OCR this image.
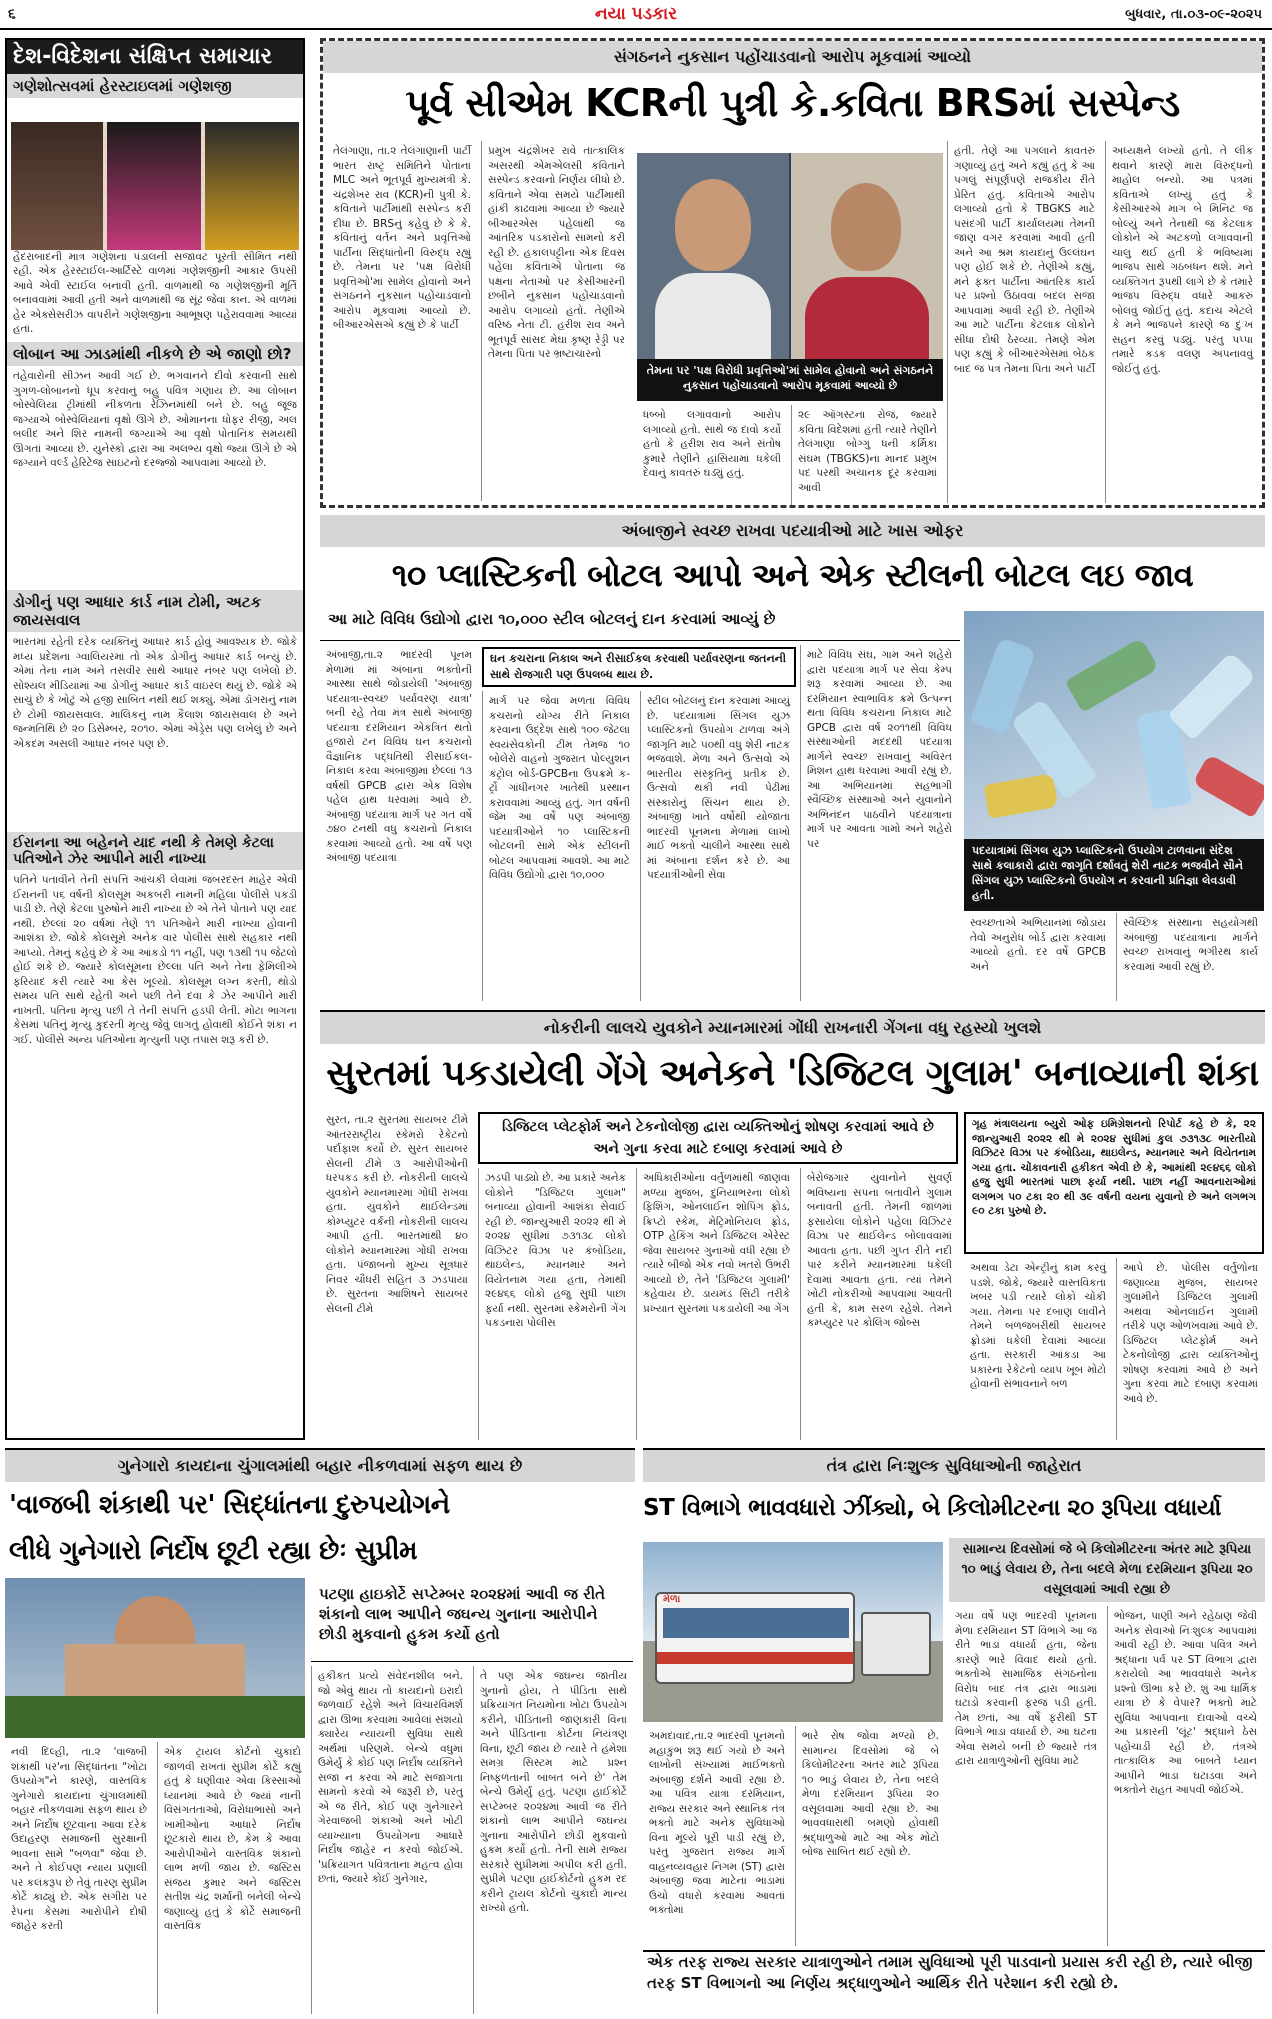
૬	નયા પડકાર	બુધવાર, તા.૦૩-૦૯-૨૦૨૫
દેશ-વિદેશના સંક્ષિપ્ત સમાચાર
ગણેશોત્સવમાં હેરસ્ટાઇલમાં ગણેશજી
હૈદરાબાદની માત્ર ગણેશના પંડાલની સજાવટ પૂરતી સીમિત નથી રહી. એક હેરસ્ટાઈલ-આર્ટિસ્ટે વાળમાં ગણેશજીની આકાર ઉપસી આવે એવી સ્ટાઈલ બનાવી હતી. વાળમાંથી જ ગણેશજીની મૂર્તિ બનાવવામાં આવી હતી અને વાળમાંથી જ સૂંઢ જેવા કાન. એ વાળમાં હેર એક્સેસરીઝ વાપરીને ગણેશજીના આભૂષણ પહેરાવવામાં આવ્યાં હતાં.
લોબાન આ ઝાડમાંથી નીકળે છે એ જાણો છો?
તહેવારોની સીઝન આવી ગઈ છે. ભગવાનને દીવો કરવાની સાથે ગુગળ-લોબાનનો ધૂપ કરવાનું બહુ પવિત્ર ગણાય છે. આ લોબાન બોસ્વેલિયા ટ્રીમાંથી નીકળતા રેઝિનમાંથી બને છે. બહુ જૂજ જગ્યાએ બોસ્વેલિયાનાં વૃક્ષો ઊગે છે. ઓમાનના ધોફર રીજી, અલ બલીદ અને શિર નામની જગ્યાએ આ વૃક્ષો પોતાનિક સમયથી ઊગતાં આવ્યાં છે. યુનેસ્કો દ્વારા આ અલભ્ય વૃક્ષો જ્યાં ઊગે છે એ જગ્યાને વર્લ્ડ હેરિટેજ સાઇટનો દરજ્જો આપવામાં આવ્યો છે.
ડોગીનું પણ આધાર કાર્ડ નામ ટોમી, અટક જાયસવાલ
ભારતમાં રહેતી દરેક વ્યક્તિનું આધાર કાર્ડ હોવું આવશ્યક છે. જોકે મધ્ય પ્રદેશના ગ્વાલિયરમાં તો એક ડોગીનું આધાર કાર્ડ બન્યું છે. એમાં તેના નામ અને તસવીર સાથે આધાર નંબર પણ લખેલો છે. સોશ્યલ મીડિયામાં આ ડોગીનું આધાર કાર્ડ વાઇરલ થયું છે. જોકે એ સાચું છે કે ખોટું એ હજી સાબિત નથી થઈ શક્યું. એમાં ડૉગરાનું નામ છે ટોમી જાયસવાલ. માલિકનું નામ કૈલાશ જાયસવાલ છે અને જન્મતિથિ છે ૨૦ ડિસેમ્બર, ૨૦૧૦. એમાં એડ્રેસ પણ લખેલું છે અને એકદમ અસલી આધાર નંબર પણ છે.
ઈરાનના આ બહેનને યાદ નથી કે તેમણે કેટલા પતિઓને ઝેર આપીને મારી નાખ્યા
પતિને પતાવીને તેની સંપત્તિ આંચકી લેવામાં જબરદસ્ત માહેર એવી ઈરાનની ૫૬ વર્ષની કોલસૂમ અકબરી નામની મહિલા પોલીસે પકડી પાડી છે. તેણે કેટલા પુરુષોને મારી નાખ્યા છે એ તેને પોતાને પણ યાદ નથી. છેલ્લાં ૨૦ વર્ષમાં તેણે ૧૧ પતિઓને મારી નાખ્યા હોવાની આશંકા છે. જોકે કોલસૂમે અનેક વાર પોલીસ સાથે સહકાર નથી આપ્યો. તેમનું કહેવું છે કે આ આંકડો ૧૧ નહીં, પણ ૧૩થી ૧૫ જેટલો હોઈ શકે છે. જ્યારે કોલસૂમના છેલ્લા પતિ અને તેના ફેમિલીએ ફરિયાદ કરી ત્યારે આ કેસ ખૂલ્યો. કોલસૂમ લગ્ન કરતી, થોડો સમય પતિ સાથે રહેતી અને પછી તેને દવા કે ઝેર આપીને મારી નાખતી. પતિના મૃત્યુ પછી તે તેની સંપત્તિ હડપી લેતી. મોટા ભાગના કેસમાં પતિનું મૃત્યુ કુદરતી મૃત્યુ જેવું લાગતું હોવાથી કોઈને શંકા ન ગઈ. પોલીસે અન્ય પતિઓના મૃત્યુની પણ તપાસ શરૂ કરી છે.
સંગઠનને નુકસાન પહોંચાડવાનો આરોપ મૂકવામાં આવ્યો
પૂર્વ સીએમ KCRની પુત્રી કે.કવિતા BRSમાં સસ્પેન્ડ
તેલંગાણા, તા.૨ તેલંગાણાની પાર્ટી ભારત રાષ્ટ્ર સમિતિને પોતાના MLC અને ભૂતપૂર્વ મુખ્યમંત્રી કે. ચંદ્રશેખર રાવ (KCR)ની પુત્રી કે. કવિતાને પાર્ટીમાંથી સસ્પેન્ડ કરી દીધા છે. BRSનું કહેવું છે કે કે. કવિતાનું વર્તન અને પ્રવૃત્તિઓ પાર્ટીના સિદ્ધાંતોની વિરુદ્ધ રહ્યું છે. તેમના પર 'પક્ષ વિરોધી પ્રવૃત્તિઓ'માં સામેલ હોવાનો અને સંગઠનને નુકસાન પહોંચાડવાનો આરોપ મૂકવામાં આવ્યો છે. બીઆરએસએ કહ્યું છે કે પાર્ટી
પ્રમુખ ચંદ્રશેખર રાવે તાત્કાલિક અસરથી એમએલસી કવિતાને સસ્પેન્ડ કરવાનો નિર્ણય લીધો છે. કવિતાને એવા સમયે પાર્ટીમાંથી હાંકી કાઢવામાં આવ્યા છે જ્યારે બીઆરએસ પહેલાંથી જ આંતરિક પડકારોનો સામનો કરી રહી છે. હકાલપટ્ટીના એક દિવસ પહેલા કવિતાએ પોતાના જ પક્ષના નેતાઓ પર કેસીઆરની છબીને નુકસાન પહોંચાડવાનો આરોપ લગાવ્યો હતો. તેણીએ વરિષ્ઠ નેતા ટી. હરીશ રાવ અને ભૂતપૂર્વ સાંસદ મેઘા કૃષ્ણ રેડ્ડી પર તેમના પિતા પર ભ્રષ્ટાચારનો
તેમના પર 'પક્ષ વિરોધી પ્રવૃત્તિઓ'માં સામેલ હોવાનો અને સંગઠનને નુકસાન પહોંચાડવાનો આરોપ મૂકવામાં આવ્યો છે
ધબ્બો લગાવવાનો આરોપ લગાવ્યો હતો. સાથે જ દાવો કર્યો હતો કે હરીશ રાવ અને સંતોષ કુમારે તેણીને હાંસિયામાં ધકેલી દેવાનું કાવતરું ઘડ્યું હતું.
૨૯ ઑગસ્ટના રોજ, જ્યારે કવિતા વિદેશમાં હતી ત્યારે તેણીને તેલંગાણા બોગ્ગુ ધની કર્મિકા સંઘમ (TBGKS)ના માનદ પ્રમુખ પદ પરથી અચાનક દૂર કરવામાં આવી
હતી. તેણે આ પગલાને કાવતરું ગણાવ્યું હતું અને કહ્યું હતું કે આ પગલું સંપૂર્ણપણે રાજકીય રીતે પ્રેરિત હતું. કવિતાએ આરોપ લગાવ્યો હતો કે TBGKS માટે પસંદગી પાર્ટી કાર્યાલયમાં તેમની જાણ વગર કરવામાં આવી હતી અને આ શ્રમ કાયદાનું ઉલ્લંઘન પણ હોઈ શકે છે. તેણીએ કહ્યું, મને ફક્ત પાર્ટીના આંતરિક કાર્ય પર પ્રશ્નો ઉઠાવવા બદલ સજા આપવામાં આવી રહી છે. તેણીએ આ માટે પાર્ટીના કેટલાક લોકોને સીધા દોષી ઠેરવ્યા. તેમણે એમ પણ કહ્યું કે બીઆરએસમાં બેઠક બાદ જ પત્ર તેમના પિતા અને પાર્ટી
અધ્યક્ષને લખ્યો હતો. તે લીક થવાને કારણે મારા વિરુદ્ધનો માહોલ બન્યો. આ પત્રમાં કવિતાએ લખ્યું હતું કે કેસીઆરએ માગ બે મિનિટ જ બોલ્યું અને તેનાથી જ કેટલાક લોકોને એ અટકળો લગાવવાની ચાલુ થઈ હતી કે ભવિષ્યમાં ભાજપ સાથે ગઠબંધન થશે. મને વ્યક્તિગત રૂપથી લાગે છે કે તમારે ભાજપ વિરુદ્ધ વધારે આકરું બોલવું જોઈતું હતું. કદાચ એટલે કે મને ભાજપને કારણે જ દુઃખ સહન કરવું પડ્યું. પરંતુ પપ્પા તમારે કડક વલણ અપનાવવું જોઈતું હતું.
અંબાજીને સ્વચ્છ રાખવા પદયાત્રીઓ માટે ખાસ ઓફર
૧૦ પ્લાસ્ટિકની બોટલ આપો અને એક સ્ટીલની બોટલ લઇ જાવ
આ માટે વિવિધ ઉદ્યોગો દ્વારા ૧૦,૦૦૦ સ્ટીલ બોટલનું દાન કરવામાં આવ્યું છે
અંબાજી,તા.૨ ભાદરવી પૂનમ મેળામાં માં અંબાના ભક્તોની આસ્થા સાથે જોડાયેલી 'અંબાજી પદયાત્રા-સ્વચ્છ પર્યાવરણ યાત્રા' બની રહે તેવા મંત્ર સાથે અંબાજી પદયાત્રા દરમિયાન એકત્રિત થતો હજારો ટન વિવિધ ઘન કચરાનો વૈજ્ઞાનિક પદ્ધતિથી રીસાઈકલ-નિકાલ કરવા અંબાજીમાં છેલ્લાં ૧૩ વર્ષથી GPCB દ્વારા એક વિશેષ પહેલ હાથ ધરવામાં આવે છે. અંબાજી પદયાત્રા માર્ગ પર ગત વર્ષે ૭૪૦ ટનથી વધુ કચરાનો નિકાલ કરવામાં આવ્યો હતો. આ વર્ષે પણ અંબાજી પદયાત્રા
ઘન કચરાના નિકાલ અને રીસાઈકલ કરવાથી પર્યાવરણના જતનની સાથે રોજગારી પણ ઉપલબ્ધ થાય છે.
માર્ગ પર જેવા મળતા વિવિધ કચરાનો યોગ્ય રીતે નિકાલ કરવાના ઉદ્દેશ સાથે ૧૦૦ જેટલા સ્વયંસેવકોની ટીમ તેમજ ૧૦ બોલેરો વાહનો ગુજરાત પોલ્યુશન કંટ્રોલ બોર્ડ-GPCBના ઉપક્રમે ક-ર્ટ્રો ગાંધીનગર ખાતેથી પ્રસ્થાન કરાવવામાં આવ્યું હતું. ગત વર્ષની જેમ આ વર્ષે પણ અંબાજી પદયાત્રીઓને ૧૦ પ્લાસ્ટિકની બોટલની સામે એક સ્ટીલની બોટલ આપવામાં આવશે. આ માટે વિવિધ ઉદ્યોગો દ્વારા ૧૦,૦૦૦
સ્ટીલ બોટલનું દાન કરવામાં આવ્યું છે. પદયાત્રામાં સિંગલ યુઝ પ્લાસ્ટિકનો ઉપયોગ ટાળવા અંગે જાગૃતિ માટે ૫૦થી વધુ શેરી નાટક ભજવાશે. મેળા અને ઉત્સવો એ ભારતીય સંસ્કૃતિનું પ્રતીક છે. ઉત્સવો થકી નવી પેઢીમાં સંસ્કારોનું સિંચન થાય છે. અંબાજી ખાતે વર્ષોથી યોજાતા ભાદરવી પૂનમના મેળામાં લાખો માઈ ભક્તો ચાલીને આસ્થા સાથે માં અંબાના દર્શન કરે છે. આ પદયાત્રીઓની સેવા
માટે વિવિધ સંઘ, ગામ અને શહેરો દ્વારા પદયાત્રા માર્ગ પર સેવા કેમ્પ શરૂ કરવામાં આવ્યા છે. આ દરમિયાન સ્વાભાવિક ક્રમે ઉત્પન્ન થતા વિવિધ કચરાના નિકાલ માટે GPCB દ્વારા વર્ષ ૨૦૧૧થી વિવિધ સંસ્થાઓની મદદથી પદયાત્રા માર્ગને સ્વચ્છ રાખવાનું અવિરત મિશન હાથ ધરવામાં આવી રહ્યું છે. આ અભિયાનમાં સહભાગી સ્વૈચ્છિક સંસ્થાઓ અને યુવાનોને અભિનંદન પાઠવીને પદયાત્રાના માર્ગ પર આવતા ગામો અને શહેરો પર
પદયાત્રામાં સિંગલ યુઝ પ્લાસ્ટિકનો ઉપયોગ ટાળવાના સંદેશ સાથે કલાકારો દ્વારા જાગૃતિ દર્શાવતું શેરી નાટક ભજવીને સૌને સિંગલ યુઝ પ્લાસ્ટિકનો ઉપયોગ ન કરવાની પ્રતિજ્ઞા લેવડાવી હતી.
સ્વચ્છતાએ અભિયાનમાં જોડાય તેવો અનુરોધ બોર્ડ દ્વારા કરવામાં આવ્યો હતો. દર વર્ષે GPCB અને
સ્વૈચ્છિક સંસ્થાના સહયોગથી અંબાજી પદયાત્રાના માર્ગને સ્વચ્છ રાખવાનું ભગીરથ કાર્ય કરવામાં આવી રહ્યું છે.
નોકરીની લાલચે યુવકોને મ્યાનમારમાં ગોંધી રાખનારી ગેંગના વધુ રહસ્યો ખુલશે
સુરતમાં પકડાયેલી ગેંગે અનેકને 'ડિજિટલ ગુલામ' બનાવ્યાની શંકા
સુરત, તા.૨ સુરતમાં સાયબર ટીમે આંતરરાષ્ટ્રીય સ્કેમરો રેકેટનો પર્દાફાશ કર્યો છે. સુરત સાયબર સેલની ટીમે ૩ આરોપીઓની ધરપકડ કરી છે. નોકરીની લાલચે યુવકોને મ્યાનમારમાં ગોંધી રાખવા હતા. યુવકોને થાઈલેન્ડમાં કોમ્પ્યુટર વર્કની નોકરીની લાલચ આપી હતી. ભારતમાંથી ૪૦ લોકોને મ્યાનમારમાં ગોંધી રાખવા હતા. પંજાબનો મુખ્ય સૂત્રધાર નિવર ચૌધરી સહિત ૩ ઝડપાયા છે. સુરતના આશિષને સાયબર સેલની ટીમે
ડિજિટલ પ્લેટફોર્મ અને ટેકનોલોજી દ્વારા વ્યક્તિઓનું શોષણ કરવામાં આવે છે અને ગુના કરવા માટે દબાણ કરવામાં આવે છે
ઝડપી પાડ્યો છે. આ પ્રકારે અનેક લોકોને "ડિજિટલ ગુલામ" બનાવ્યા હોવાની આશંકા સેવાઈ રહી છે. જાન્યુઆરી ૨૦૨૨ થી મે ૨૦૨૪ સુધીમાં ૭૩૧૩૮ લોકો વિઝિટર વિઝા પર કંબોડિયા, થાઇલેન્ડ, મ્યાનમાર અને વિયેતનામ ગયા હતા, તેમાંથી ૨૯૪૬૬ લોકો હજુ સુધી પાછા ફર્યા નથી. સુરતમાં સ્કેમરોની ગેંગ પકડનારા પોલીસ
અધિકારીઓના વર્તુળમાંથી જાણવા મળ્યા મુજબ, દુનિયાભરના લોકો ફિશિંગ, ઓનલાઈન શોપિંગ ફ્રોડ, ક્રિપ્ટો સ્કેમ, મેટ્રિમોનિયલ ફ્રોડ, OTP હેકિંગ અને ડિજિટલ એરેસ્ટ જેવા સાયબર ગુનાઓ વધી રહ્યા છે ત્યારે બીજો એક નવો ખતરો ઉભરી આવ્યો છે, તેને 'ડિજિટલ ગુલામી' કહેવાય છે. ડાયમંડ સિટી તરીકે પ્રખ્યાત સુરતમાં પકડાયેલી આ ગેંગ
બેરોજગાર યુવાનોને સુવર્ણ ભવિષ્યના સપના બતાવીને ગુલામ બનાવતી હતી. તેમની જાળમાં ફસાયેલા લોકોને પહેલા વિઝિટર વિઝા પર થાઈલેન્ડ બોલાવવામાં આવતા હતા. પછી ગુપ્ત રીતે નદી પાર કરીને મ્યાનમારમાં ધકેલી દેવામાં આવતા હતા. ત્યાં તેમને ખોટી નોકરીઓ આપવામાં આવતી હતી કે, કામ સરળ રહેશે. તેમને કમ્પ્યુટર પર કોલિંગ જોબ્સ
ગૃહ મંત્રાલયના બ્યુરો ઓફ ઇમિગ્રેશનનો રિપોર્ટ કહે છે કે, ૨૨ જાન્યુઆરી ૨૦૨૨ થી મે ૨૦૨૪ સુધીમાં કુલ ૭૩૧૩૮ ભારતીયો વિઝિટર વિઝા પર કંબોડિયા, થાઇલેન્ડ, મ્યાનમાર અને વિયેતનામ ગયા હતા. ચોંકાવનારી હકીકત એવી છે કે, આમાંથી ૨૯૪૬૬ લોકો હજુ સુધી ભારતમાં પાછા ફર્યા નથી. પાછા નહીં આવનારાઓમાં લગભગ ૫૦ ટકા ૨૦ થી ૩૯ વર્ષની વયના યુવાનો છે અને લગભગ ૯૦ ટકા પુરુષો છે.
અથવા ડેટા એન્ટ્રીનું કામ કરવું પડશે. જોકે, જ્યારે વાસ્તવિકતા ખબર પડી ત્યારે લોકો ચોંકી ગયા. તેમના પર દબાણ લાવીને તેમને બળજબરીથી સાયબર ફ્રોડમાં ધકેલી દેવામાં આવ્યા હતા. સરકારી આંકડા આ પ્રકારના રેકેટનો વ્યાપ ખૂબ મોટો હોવાની સંભાવનાને બળ
આપે છે. પોલીસ વર્તુળોના જણાવ્યા મુજબ, સાયબર ગુલામીને ડિજિટલ ગુલામી અથવા ઓનલાઈન ગુલામી તરીકે પણ ઓળખવામાં આવે છે. ડિજિટલ પ્લેટફોર્મ અને ટેકનોલોજી દ્વારા વ્યક્તિઓનું શોષણ કરવામાં આવે છે અને ગુના કરવા માટે દબાણ કરવામાં આવે છે.
ગુનેગારો કાયદાના ચુંગાલમાંથી બહાર નીકળવામાં સફળ થાય છે
'વાજબી શંકાથી પર' સિદ્ધાંતના દુરુપયોગને
લીધે ગુનેગારો નિર્દોષ છૂટી રહ્યા છેઃ સુપ્રીમ
પટણા હાઇકોર્ટે સપ્ટેમ્બર ૨૦૨૪માં આવી જ રીતે શંકાનો લાભ આપીને જઘન્ય ગુનાના આરોપીને છોડી મુકવાનો હુકમ કર્યો હતો
નવી દિલ્હી, તા.૨ 'વાજબી શંકાથી પર'ના સિદ્ધાંતના "ખોટા ઉપયોગ"ને કારણે, વાસ્તવિક ગુનેગારો કાયદાના ચુંગાલમાંથી બહાર નીકળવામાં સફળ થાય છે અને નિર્દોષ છૂટવાના આવા દરેક ઉદાહરણ સમાજની સુરક્ષાની ભાવના સામે "બળવા" જેવા છે. અને તે કોઈપણ ન્યાય પ્રણાલી પર કલંકરૂપ છે તેવું તારણ સુપ્રીમ કોર્ટે કાઢ્યું છે. એક સગીરા પર રેપના કેસમાં આરોપીને દોષી જાહેર કરતી
એક ટ્રાયલ કોર્ટનો ચુકાદો જાળવી રાખતાં સુપ્રીમ કોર્ટે કહ્યું હતું કે ધણીવાર એવા કિસ્સાઓ ધ્યાનમાં આવે છે જ્યાં નાની વિસંગતતાઓ, વિરોધાભાસો અને ખામીઓના આધારે નિર્દોષ છૂટકારો થાય છે, કેમ કે આવા આરોપીઓને વાસ્તવિક શંકાનો લાભ મળી જાય છે. જસ્ટિસ સંજય કુમાર અને જસ્ટિસ સતીશ ચંદ્ર શર્માની બનેલી બેન્ચે જણાવ્યું હતું કે કોર્ટે સમાજની વાસ્તવિક
હકીકત પ્રત્યે સંવેદનશીલ બને. જો એવું થાય તો કાયદાનો ઇરાદો જળવાઈ રહેશે અને વિચારવિમર્શ દ્વારા ઊભા કરવામાં આવેલાં સંશયો ક્યારેય ન્યાયની સુવિધા સાથે અર્થમાં પરિણમે. બેન્ચે વધુમાં ઉમેર્યું કે કોઈ પણ નિર્દોષ વ્યક્તિને સજા ન કરવા એ માટે સજાગતા સામનો કરવો એ જરૂરી છે, પરંતુ એ જ રીતે, કોઈ પણ ગુનેગારને ગેરવાજબી શંકાઓ અને ખોટી વ્યાખ્યાના ઉપયોગના આધારે નિર્દોષ જાહેર ન કરવો જોઈએ. 'પ્રક્રિયાગત પવિત્રતાના મહત્વ હોવા છતાં, જ્યારે કોઈ ગુનેગાર,
તે પણ એક જઘન્ય જાતીય ગુનાનો હોય, તે પીડિતા સાથે પ્રક્રિયાગત નિયમોના ખોટા ઉપયોગ કરીને, પીડિતાની જાણકારી વિના અને પીડિતાના કોર્ટના નિયંત્રણ વિના, છૂટી જાય છે ત્યારે તે હંમેશા સમગ્ર સિસ્ટમ માટે પ્રશ્ન નિષ્ફળતાની બાબત બને છે' તેમ બેન્ચે ઉમેર્યું હતું. પટણા હાઈકોર્ટે સપ્ટેમ્બર ૨૦૨૪માં આવી જ રીતે શંકાનો લાભ આપીને જઘન્ય ગુનાના આરોપીને છોડી મુકવાનો હુકમ કર્યો હતો. તેની સામે રાજ્ય સરકારે સુપ્રીમમાં અપીલ કરી હતી. સુપ્રીમે પટણા હાઈકોર્ટનો હુકમ રદ કરીને ટ્રાયલ કોર્ટનો ચુકાદો માન્ય રાખ્યો હતો.
તંત્ર દ્વારા નિઃશુલ્ક સુવિધાઓની જાહેરાત
ST વિભાગે ભાવવધારો ઝીંક્યો, બે કિલોમીટરના ૨૦ રૂપિયા વધાર્યા
સામાન્ય દિવસોમાં જે બે કિલોમીટરના અંતર માટે રૂપિયા ૧૦ ભાડું લેવાય છે, તેના બદલે મેળા દરમિયાન રૂપિયા ૨૦ વસૂલવામાં આવી રહ્યા છે
મેળા
ગયા વર્ષે પણ ભાદરવી પૂનમના મેળા દરમિયાન ST વિભાગે આ જ રીતે ભાડા વધાર્યા હતા, જેના કારણે ભારે વિવાદ થયો હતો. ભક્તોએ સામાજિક સંગઠનોના વિરોધ બાદ તંત્ર દ્વારા ભાડામાં ઘટાડો કરવાની ફરજ પડી હતી. તેમ છતાં, આ વર્ષે ફરીથી ST વિભાગે ભાડા વધાર્યા છે. આ ઘટના એવા સમયે બની છે જ્યારે તંત્ર દ્વારા યાત્રાળુઓની સુવિધા માટે
ભોજન, પાણી અને રહેઠાણ જેવી અનેક સેવાઓ નિઃશુલ્ક આપવામાં આવી રહી છે. આવા પવિત્ર અને શ્રદ્ધાના પર્વ પર ST વિભાગ દ્વારા કરાયેલો આ ભાવવધારો અનેક પ્રશ્નો ઊભા કરે છે. શું આ ધાર્મિક યાત્રા છે કે વેપાર? ભક્તો માટે સુવિધા આપવાના દાવાઓ વચ્ચે આ પ્રકારની 'લૂંટ' શ્રદ્ધાને ઠેસ પહોંચાડી રહી છે. તંત્રએ તાત્કાલિક આ બાબતે ધ્યાન આપીને ભાડા ઘટાડવા અને ભક્તોને રાહત આપવી જોઈએ.
અમદાવાદ,તા.૨ ભાદરવી પૂનમનો મહાકુંભ શરૂ થઈ ગયો છે અને લાખોની સંખ્યામાં માઈભક્તો અંબાજી દર્શને આવી રહ્યા છે. આ પવિત્ર યાત્રા દરમિયાન, રાજ્ય સરકાર અને સ્થાનિક તંત્ર ભક્તો માટે અનેક સુવિધાઓ વિના મૂલ્યે પૂરી પાડી રહ્યું છે, પરંતુ ગુજરાત રાજ્ય માર્ગ વાહનવ્યવહાર નિગમ (ST) દ્વારા અંબાજી જવા માટેના ભાડામાં ઉંચો વધારો કરવામાં આવતાં ભક્તોમાં
ભારે રોષ જોવા મળ્યો છે. સામાન્ય દિવસોમાં જે બે કિલોમીટરના અંતર માટે રૂપિયા ૧૦ ભાડું લેવાય છે, તેના બદલે મેળા દરમિયાન રૂપિયા ૨૦ વસૂલવામાં આવી રહ્યા છે. આ ભાવવધારાથી બમણો હોવાથી શ્રદ્ધાળુઓ માટે આ એક મોટો બોજ સાબિત થઈ રહ્યો છે.
એક તરફ રાજ્ય સરકાર યાત્રાળુઓને તમામ સુવિધાઓ પૂરી પાડવાનો પ્રયાસ કરી રહી છે, ત્યારે બીજી તરફ ST વિભાગનો આ નિર્ણય શ્રદ્ધાળુઓને આર્થિક રીતે પરેશાન કરી રહ્યો છે.
